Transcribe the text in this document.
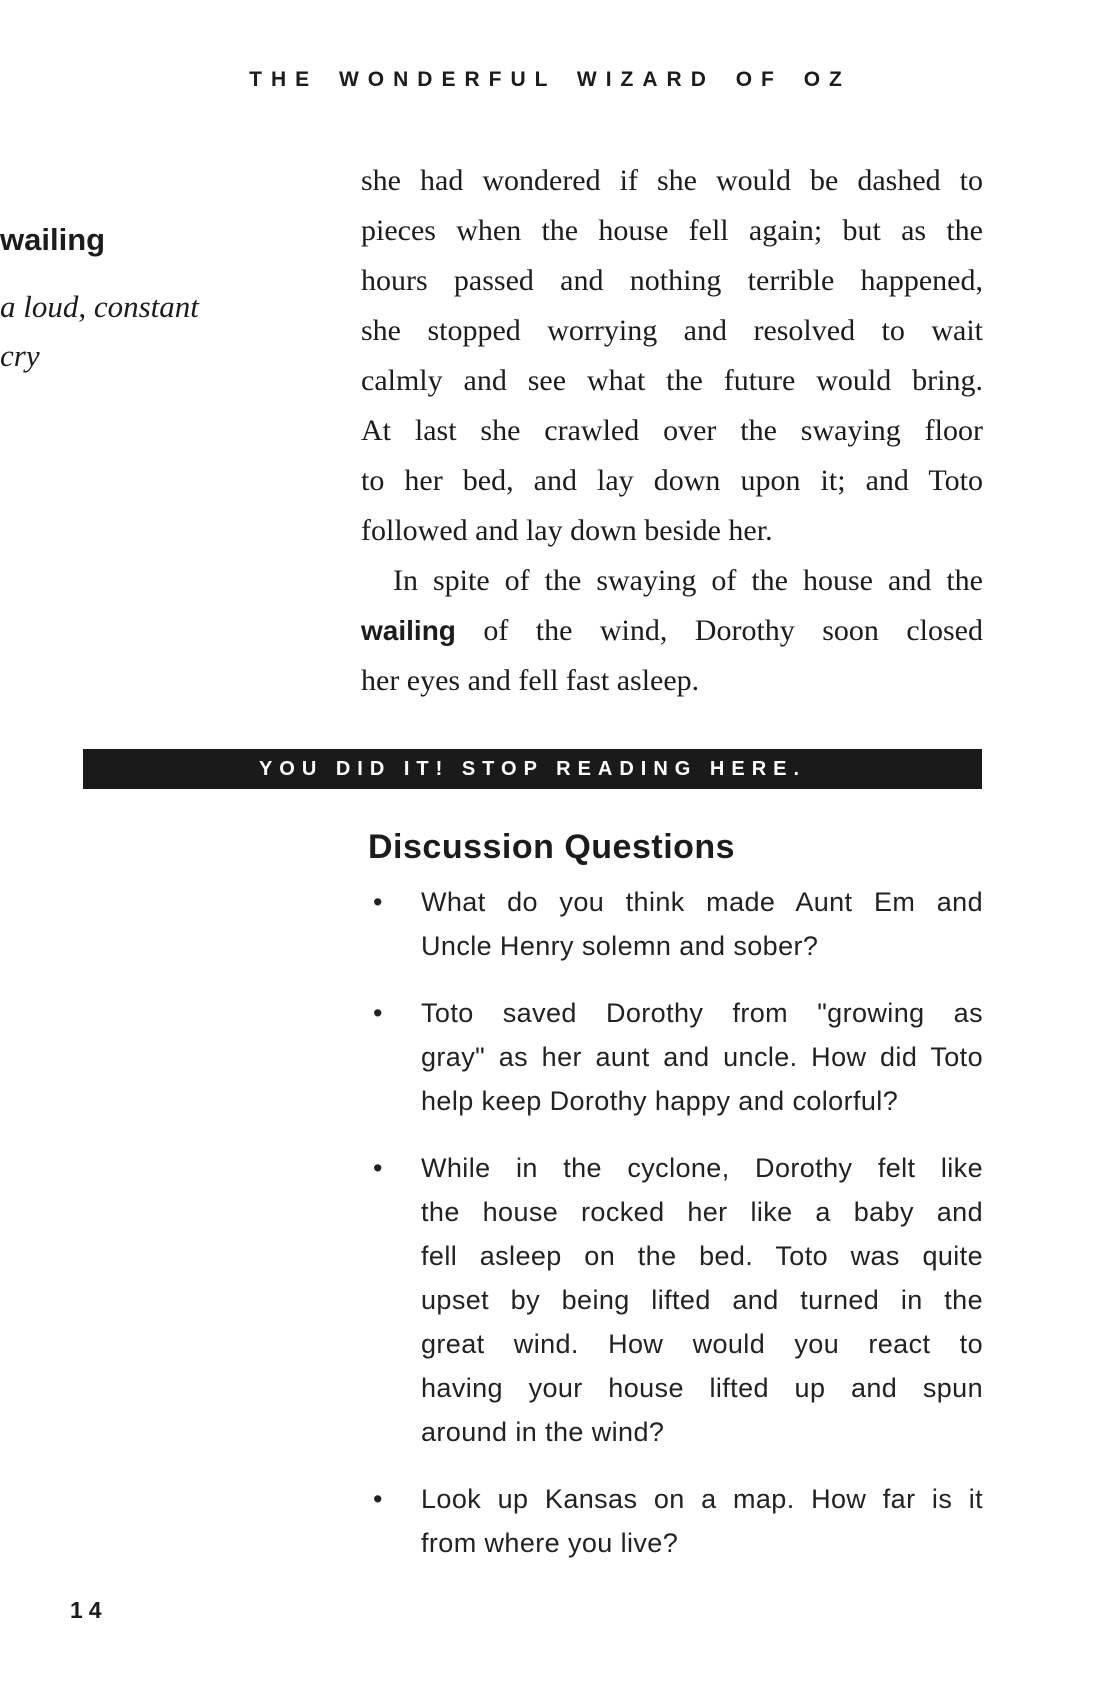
THE WONDERFUL WIZARD OF OZ
wailing
a loud, constant
cry
she had wondered if she would be dashed to
pieces when the house fell again; but as the
hours passed and nothing terrible happened,
she stopped worrying and resolved to wait
calmly and see what the future would bring.
At last she crawled over the swaying floor
to her bed, and lay down upon it; and Toto
followed and lay down beside her.
In spite of the swaying of the house and the
wailing of the wind, Dorothy soon closed
her eyes and fell fast asleep.
YOU DID IT! STOP READING HERE.
Discussion Questions
•	What do you think made Aunt Em and
Uncle Henry solemn and sober?
•	Toto saved Dorothy from "growing as
gray" as her aunt and uncle. How did Toto
help keep Dorothy happy and colorful?
•	While in the cyclone, Dorothy felt like
the house rocked her like a baby and
fell asleep on the bed. Toto was quite
upset by being lifted and turned in the
great wind. How would you react to
having your house lifted up and spun
around in the wind?
•	Look up Kansas on a map. How far is it
from where you live?
14
